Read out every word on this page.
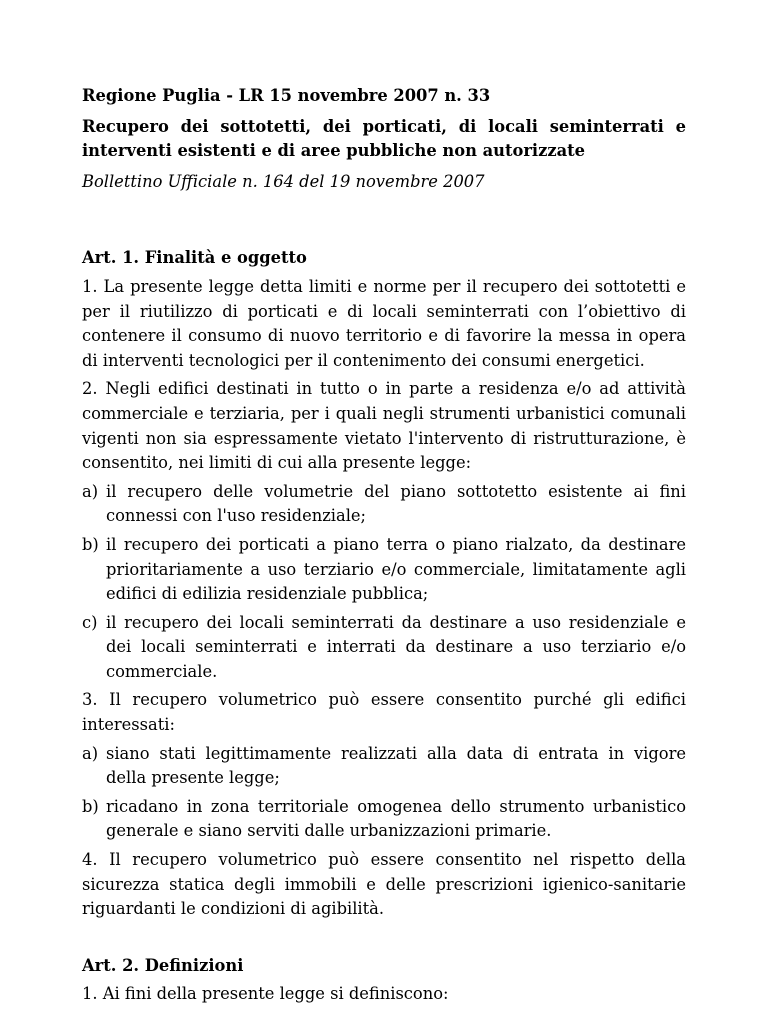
Regione Puglia - LR 15 novembre 2007 n. 33
Recupero dei sottotetti, dei porticati, di locali seminterrati e interventi esistenti e di aree pubbliche non autorizzate
Bollettino Ufficiale n. 164 del 19 novembre 2007
Art. 1. Finalità e oggetto
1. La presente legge detta limiti e norme per il recupero dei sottotetti e per il riutilizzo di porticati e di locali seminterrati con l’obiettivo di contenere il consumo di nuovo territorio e di favorire la messa in opera di interventi tecnologici per il contenimento dei consumi energetici.
2. Negli edifici destinati in tutto o in parte a residenza e/o ad attività commerciale e terziaria, per i quali negli strumenti urbanistici comunali vigenti non sia espressamente vietato l'intervento di ristrutturazione, è consentito, nei limiti di cui alla presente legge:
a) il recupero delle volumetrie del piano sottotetto esistente ai fini connessi con l'uso residenziale;
b) il recupero dei porticati a piano terra o piano rialzato, da destinare prioritariamente a uso terziario e/o commerciale, limitatamente agli edifici di edilizia residenziale pubblica;
c) il recupero dei locali seminterrati da destinare a uso residenziale e dei locali seminterrati e interrati da destinare a uso terziario e/o commerciale.
3. Il recupero volumetrico può essere consentito purché gli edifici interessati:
a) siano stati legittimamente realizzati alla data di entrata in vigore della presente legge;
b) ricadano in zona territoriale omogenea dello strumento urbanistico generale e siano serviti dalle urbanizzazioni primarie.
4. Il recupero volumetrico può essere consentito nel rispetto della sicurezza statica degli immobili e delle prescrizioni igienico-sanitarie riguardanti le condizioni di agibilità.
Art. 2. Definizioni
1. Ai fini della presente legge si definiscono:
